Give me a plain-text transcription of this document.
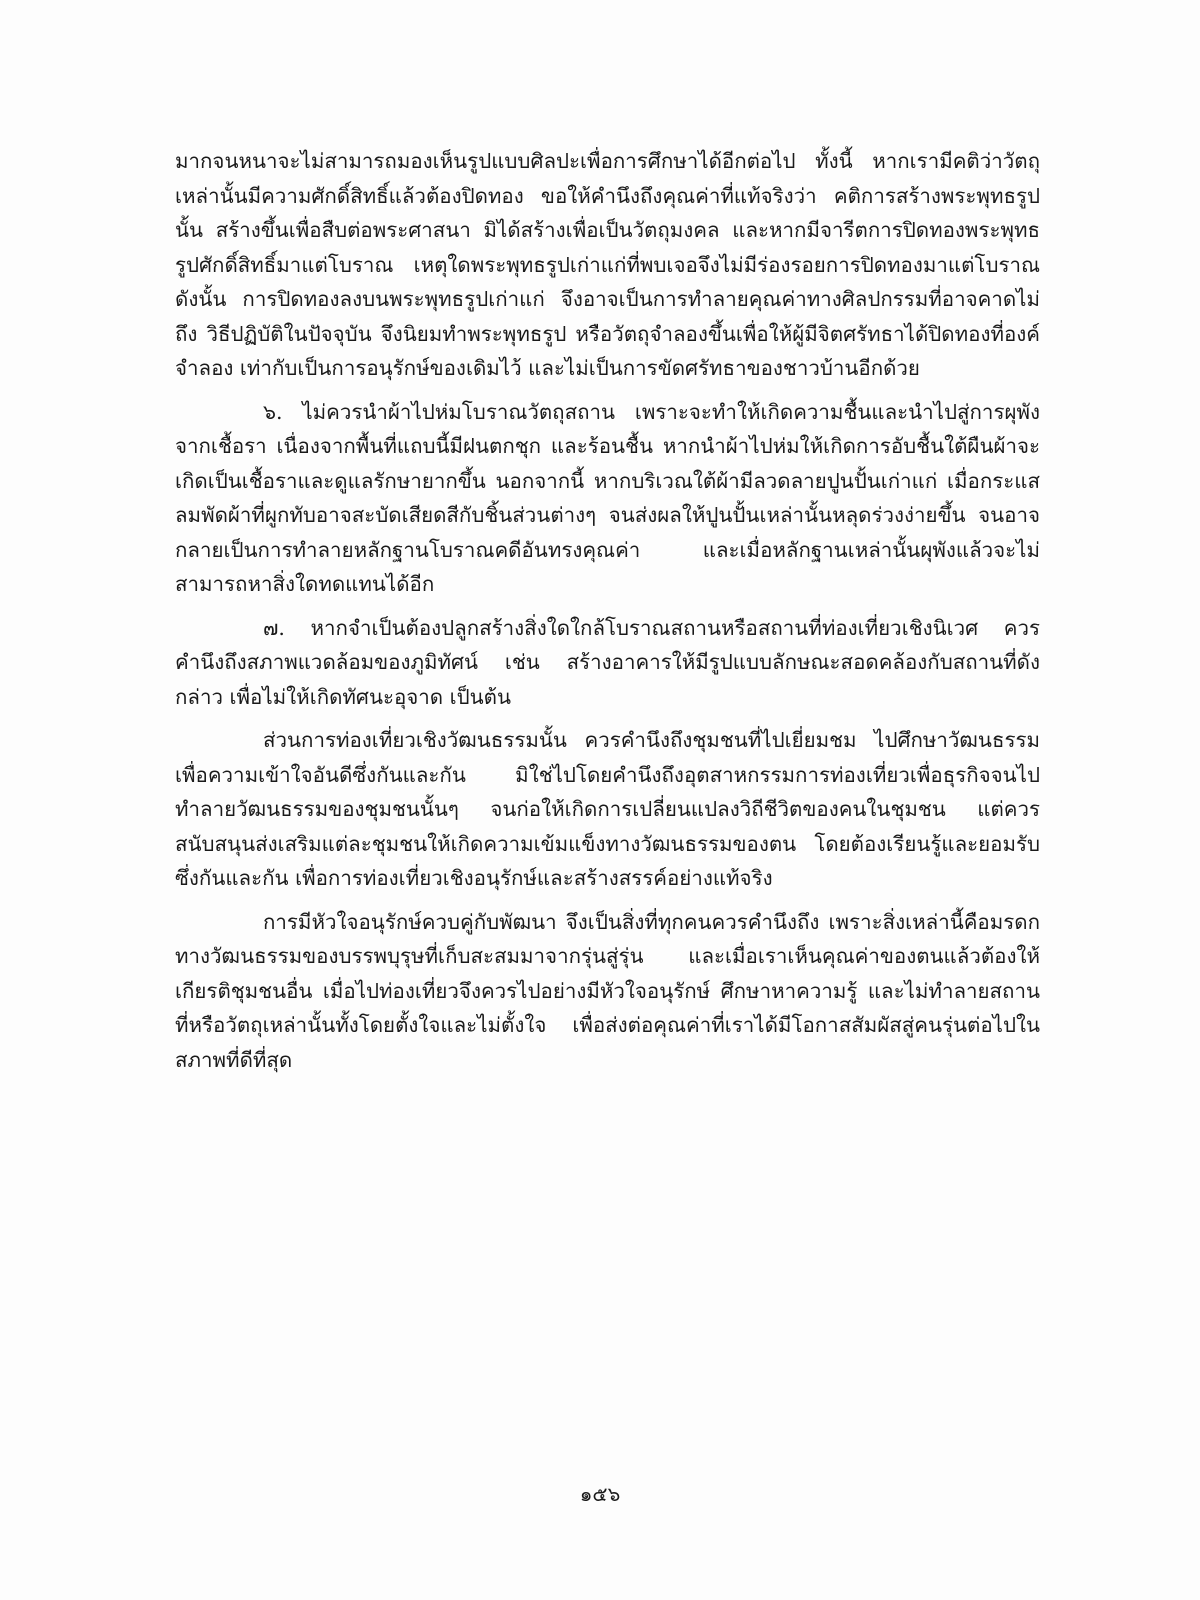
มากจนหนาจะไม่สามารถมองเห็นรูปแบบศิลปะเพื่อการศึกษาได้อีกต่อไป ทั้งนี้ หากเรามีคติว่าวัตถุเหล่านั้นมีความศักดิ์สิทธิ์แล้วต้องปิดทอง ขอให้คำนึงถึงคุณค่าที่แท้จริงว่า คติการสร้างพระพุทธรูปนั้น สร้างขึ้นเพื่อสืบต่อพระศาสนา มิได้สร้างเพื่อเป็นวัตถุมงคล และหากมีจารีตการปิดทองพระพุทธรูปศักดิ์สิทธิ์มาแต่โบราณ เหตุใดพระพุทธรูปเก่าแก่ที่พบเจอจึงไม่มีร่องรอยการปิดทองมาแต่โบราณ ดังนั้น การปิดทองลงบนพระพุทธรูปเก่าแก่ จึงอาจเป็นการทำลายคุณค่าทางศิลปกรรมที่อาจคาดไม่ถึง วิธีปฏิบัติในปัจจุบัน จึงนิยมทำพระพุทธรูป หรือวัตถุจำลองขึ้นเพื่อให้ผู้มีจิตศรัทธาได้ปิดทองที่องค์จำลอง เท่ากับเป็นการอนุรักษ์ของเดิมไว้ และไม่เป็นการขัดศรัทธาของชาวบ้านอีกด้วย

๖. ไม่ควรนำผ้าไปห่มโบราณวัตถุสถาน เพราะจะทำให้เกิดความชื้นและนำไปสู่การผุพังจากเชื้อรา เนื่องจากพื้นที่แถบนี้มีฝนตกชุก และร้อนชื้น หากนำผ้าไปห่มให้เกิดการอับชื้นใต้ผืนผ้าจะเกิดเป็นเชื้อราและดูแลรักษายากขึ้น นอกจากนี้ หากบริเวณใต้ผ้ามีลวดลายปูนปั้นเก่าแก่ เมื่อกระแสลมพัดผ้าที่ผูกทับอาจสะบัดเสียดสีกับชิ้นส่วนต่างๆ จนส่งผลให้ปูนปั้นเหล่านั้นหลุดร่วงง่ายขึ้น จนอาจกลายเป็นการทำลายหลักฐานโบราณคดีอันทรงคุณค่า และเมื่อหลักฐานเหล่านั้นผุพังแล้วจะไม่สามารถหาสิ่งใดทดแทนได้อีก

๗. หากจำเป็นต้องปลูกสร้างสิ่งใดใกล้โบราณสถานหรือสถานที่ท่องเที่ยวเชิงนิเวศ ควรคำนึงถึงสภาพแวดล้อมของภูมิทัศน์ เช่น สร้างอาคารให้มีรูปแบบลักษณะสอดคล้องกับสถานที่ดังกล่าว เพื่อไม่ให้เกิดทัศนะอุจาด เป็นต้น

ส่วนการท่องเที่ยวเชิงวัฒนธรรมนั้น ควรคำนึงถึงชุมชนที่ไปเยี่ยมชม ไปศึกษาวัฒนธรรมเพื่อความเข้าใจอันดีซึ่งกันและกัน มิใช่ไปโดยคำนึงถึงอุตสาหกรรมการท่องเที่ยวเพื่อธุรกิจจนไปทำลายวัฒนธรรมของชุมชนนั้นๆ จนก่อให้เกิดการเปลี่ยนแปลงวิถีชีวิตของคนในชุมชน แต่ควรสนับสนุนส่งเสริมแต่ละชุมชนให้เกิดความเข้มแข็งทางวัฒนธรรมของตน โดยต้องเรียนรู้และยอมรับซึ่งกันและกัน เพื่อการท่องเที่ยวเชิงอนุรักษ์และสร้างสรรค์อย่างแท้จริง

การมีหัวใจอนุรักษ์ควบคู่กับพัฒนา จึงเป็นสิ่งที่ทุกคนควรคำนึงถึง เพราะสิ่งเหล่านี้คือมรดกทางวัฒนธรรมของบรรพบุรุษที่เก็บสะสมมาจากรุ่นสู่รุ่น และเมื่อเราเห็นคุณค่าของตนแล้วต้องให้เกียรติชุมชนอื่น เมื่อไปท่องเที่ยวจึงควรไปอย่างมีหัวใจอนุรักษ์ ศึกษาหาความรู้ และไม่ทำลายสถานที่หรือวัตถุเหล่านั้นทั้งโดยตั้งใจและไม่ตั้งใจ เพื่อส่งต่อคุณค่าที่เราได้มีโอกาสสัมผัสสู่คนรุ่นต่อไปในสภาพที่ดีที่สุด

๑๕๖
